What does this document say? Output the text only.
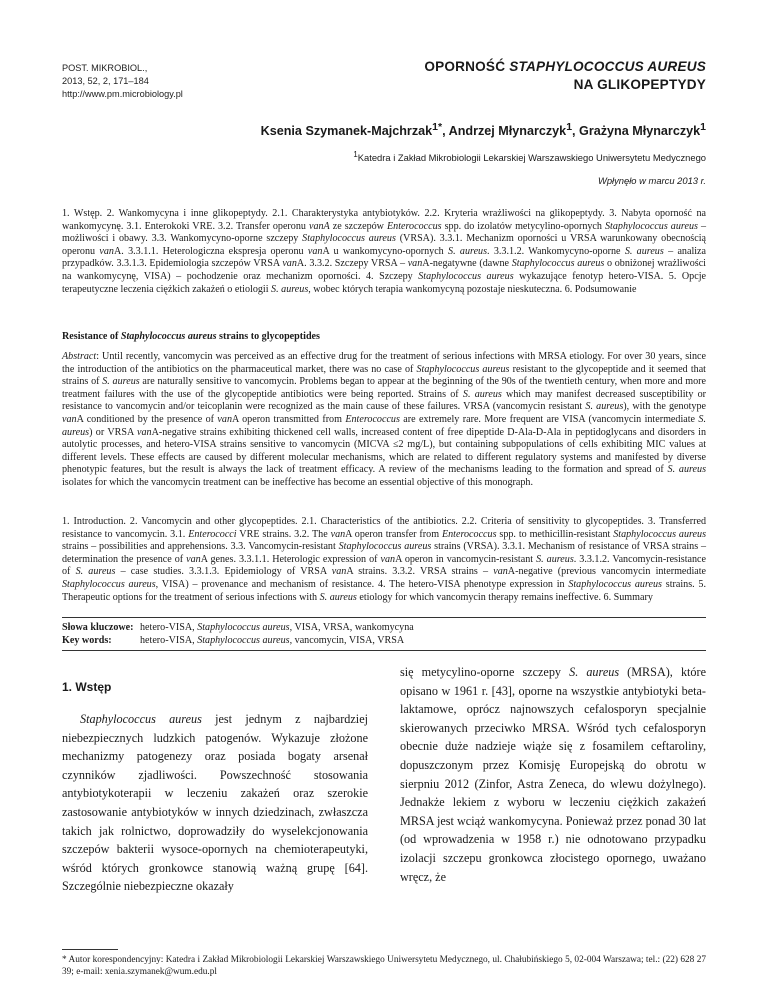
POST. MIKROBIOL.,
2013, 52, 2, 171–184
http://www.pm.microbiology.pl
OPORNOŚĆ STAPHYLOCOCCUS AUREUS
NA GLIKOPEPTYDY
Ksenia Szymanek-Majchrzak$^{1*}$, Andrzej Młynarczyk$^1$, Grażyna Młynarczyk$^1$
$^1$Katedra i Zakład Mikrobiologii Lekarskiej Warszawskiego Uniwersytetu Medycznego
Wpłynęło w marcu 2013 r.
1. Wstęp. 2. Wankomycyna i inne glikopeptydy. 2.1. Charakterystyka antybiotyków. 2.2. Kryteria wrażliwości na glikopeptydy. 3. Nabyta oporność na wankomycynę. 3.1. Enterokoki VRE. 3.2. Transfer operonu vanA ze szczepów Enterococcus spp. do izolatów metycylino-opornych Staphylococcus aureus – możliwości i obawy. 3.3. Wankomycyno-oporne szczepy Staphylococcus aureus (VRSA). 3.3.1. Mechanizm oporności u VRSA warunkowany obecnością operonu vanA. 3.3.1.1. Heterologiczna ekspresja operonu vanA u wankomycyno-opornych S. aureus. 3.3.1.2. Wankomycyno-oporne S. aureus – analiza przypadków. 3.3.1.3. Epidemiologia szczepów VRSA vanA. 3.3.2. Szczepy VRSA – vanA-negatywne (dawne Staphylococcus aureus o obniżonej wrażliwości na wankomycynę, VISA) – pochodzenie oraz mechanizm oporności. 4. Szczepy Staphylococcus aureus wykazujące fenotyp hetero-VISA. 5. Opcje terapeutyczne leczenia ciężkich zakażeń o etiologii S. aureus, wobec których terapia wankomycyną pozostaje nieskuteczna. 6. Podsumowanie
Resistance of Staphylococcus aureus strains to glycopeptides
Abstract: Until recently, vancomycin was perceived as an effective drug for the treatment of serious infections with MRSA etiology. For over 30 years, since the introduction of the antibiotics on the pharmaceutical market, there was no case of Staphylococcus aureus resistant to the glycopeptide and it seemed that strains of S. aureus are naturally sensitive to vancomycin. Problems began to appear at the beginning of the 90s of the twentieth century, when more and more treatment failures with the use of the glycopeptide antibiotics were being reported. Strains of S. aureus which may manifest decreased susceptibility or resistance to vancomycin and/or teicoplanin were recognized as the main cause of these failures. VRSA (vancomycin resistant S. aureus), with the genotype vanA conditioned by the presence of vanA operon transmitted from Enterococcus are extremely rare. More frequent are VISA (vancomycin intermediate S. aureus) or VRSA vanA-negative strains exhibiting thickened cell walls, increased content of free dipeptide D-Ala-D-Ala in peptidoglycans and disorders in autolytic processes, and hetero-VISA strains sensitive to vancomycin (MICVA ≤2 mg/L), but containing subpopulations of cells exhibiting MIC values at different levels. These effects are caused by different molecular mechanisms, which are related to different regulatory systems and manifested by diverse phenotypic features, but the result is always the lack of treatment efficacy. A review of the mechanisms leading to the formation and spread of S. aureus isolates for which the vancomycin treatment can be ineffective has become an essential objective of this monograph.
1. Introduction. 2. Vancomycin and other glycopeptides. 2.1. Characteristics of the antibiotics. 2.2. Criteria of sensitivity to glycopeptides. 3. Transferred resistance to vancomycin. 3.1. Enterococci VRE strains. 3.2. The vanA operon transfer from Enterococcus spp. to methicillin-resistant Staphylococcus aureus strains – possibilities and apprehensions. 3.3. Vancomycin-resistant Staphylococcus aureus strains (VRSA). 3.3.1. Mechanism of resistance of VRSA strains – determination the presence of vanA genes. 3.3.1.1. Heterologic expression of vanA operon in vancomycin-resistant S. aureus. 3.3.1.2. Vancomycin-resistance of S. aureus – case studies. 3.3.1.3. Epidemiology of VRSA vanA strains. 3.3.2. VRSA strains – vanA-negative (previous vancomycin intermediate Staphylococcus aureus, VISA) – provenance and mechanism of resistance. 4. The hetero-VISA phenotype expression in Staphylococcus aureus strains. 5. Therapeutic options for the treatment of serious infections with S. aureus etiology for which vancomycin therapy remains ineffective. 6. Summary
Słowa kluczowe: hetero-VISA, Staphylococcus aureus, VISA, VRSA, wankomycyna
Key words:	hetero-VISA, Staphylococcus aureus, vancomycin, VISA, VRSA
1. Wstęp
Staphylococcus aureus jest jednym z najbardziej niebezpiecznych ludzkich patogenów. Wykazuje złożone mechanizmy patogenezy oraz posiada bogaty arsenał czynników zjadliwości. Powszechność stosowania antybiotykoterapii w leczeniu zakażeń oraz szerokie zastosowanie antybiotyków w innych dziedzinach, zwłaszcza takich jak rolnictwo, doprowadziły do wyselekcjonowania szczepów bakterii wysoce-opornych na chemioterapeutyki, wśród których gronkowce stanowią ważną grupę [64]. Szczególnie niebezpieczne okazały
się metycylino-oporne szczepy S. aureus (MRSA), które opisano w 1961 r. [43], oporne na wszystkie antybiotyki beta-laktamowe, oprócz najnowszych cefalosporyn specjalnie skierowanych przeciwko MRSA. Wśród tych cefalosporyn obecnie duże nadzieje wiąże się z fosamilem ceftaroliny, dopuszczonym przez Komisję Europejską do obrotu w sierpniu 2012 (Zinfor, Astra Zeneca, do wlewu dożylnego). Jednakże lekiem z wyboru w leczeniu ciężkich zakażeń MRSA jest wciąż wankomycyna. Ponieważ przez ponad 30 lat (od wprowadzenia w 1958 r.) nie odnotowano przypadku izolacji szczepu gronkowca złocistego opornego, uważano wręcz, że
* Autor korespondencyjny: Katedra i Zakład Mikrobiologii Lekarskiej Warszawskiego Uniwersytetu Medycznego, ul. Chałubińskiego 5, 02-004 Warszawa; tel.: (22) 628 27 39; e-mail: xenia.szymanek@wum.edu.pl
